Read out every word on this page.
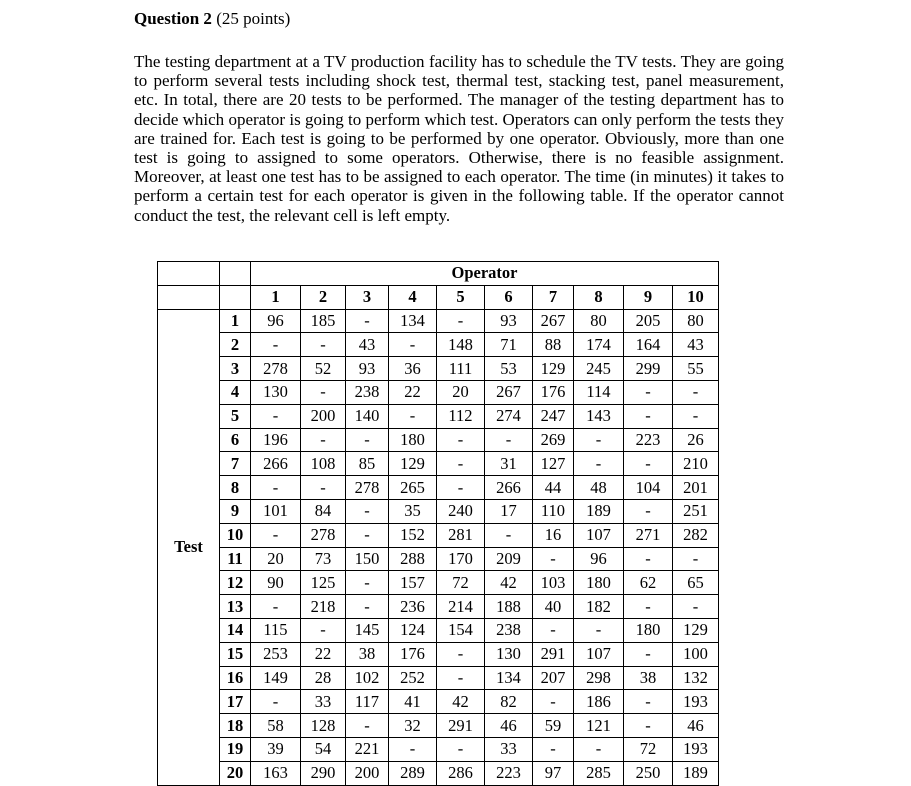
Question 2 (25 points)
The testing department at a TV production facility has to schedule the TV tests. They are going to perform several tests including shock test, thermal test, stacking test, panel measurement, etc. In total, there are 20 tests to be performed. The manager of the testing department has to decide which operator is going to perform which test. Operators can only perform the tests they are trained for. Each test is going to be performed by one operator. Obviously, more than one test is going to assigned to some operators. Otherwise, there is no feasible assignment. Moreover, at least one test has to be assigned to each operator. The time (in minutes) it takes to perform a certain test for each operator is given in the following table. If the operator cannot conduct the test, the relevant cell is left empty.
		Operator									
		1	2	3	4	5	6	7	8	9	10
Test	1	96	185	-	134	-	93	267	80	205	80
	2	-	-	43	-	148	71	88	174	164	43
	3	278	52	93	36	111	53	129	245	299	55
	4	130	-	238	22	20	267	176	114	-	-
	5	-	200	140	-	112	274	247	143	-	-
	6	196	-	-	180	-	-	269	-	223	26
	7	266	108	85	129	-	31	127	-	-	210
	8	-	-	278	265	-	266	44	48	104	201
	9	101	84	-	35	240	17	110	189	-	251
	10	-	278	-	152	281	-	16	107	271	282
	11	20	73	150	288	170	209	-	96	-	-
	12	90	125	-	157	72	42	103	180	62	65
	13	-	218	-	236	214	188	40	182	-	-
	14	115	-	145	124	154	238	-	-	180	129
	15	253	22	38	176	-	130	291	107	-	100
	16	149	28	102	252	-	134	207	298	38	132
	17	-	33	117	41	42	82	-	186	-	193
	18	58	128	-	32	291	46	59	121	-	46
	19	39	54	221	-	-	33	-	-	72	193
	20	163	290	200	289	286	223	97	285	250	189
